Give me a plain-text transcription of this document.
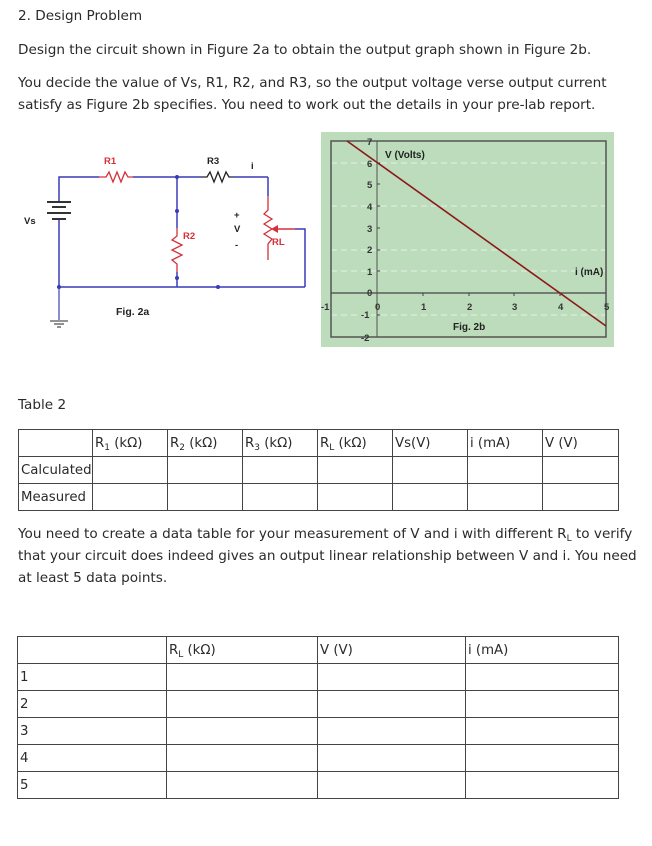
2. Design Problem
Design the circuit shown in Figure 2a to obtain the output graph shown in Figure 2b.
You decide the value of Vs, R1, R2, and R3, so the output voltage verse output current
satisfy as Figure 2b specifies. You need to work out the details in your pre-lab report.
Vs
R1	R3	i
R2
+
V
-	RL
Fig. 2a
7
6
5
4
3
2
1
0
-1
-2
-1	0	1	2	3	4	5
V (Volts)
i (mA)
Fig. 2b
Table 2
	$R_1$ (kΩ)	$R_2$ (kΩ)	$R_3$ (kΩ)	$R_L$ (kΩ)	Vs(V)	i (mA)	V (V)
Calculated							
Measured							
You need to create a data table for your measurement of V and i with different $R_L$ to verify
that your circuit does indeed gives an output linear relationship between V and i. You need
at least 5 data points.
	$R_L$ (kΩ)	V (V)	i (mA)
1			
2			
3			
4			
5			
